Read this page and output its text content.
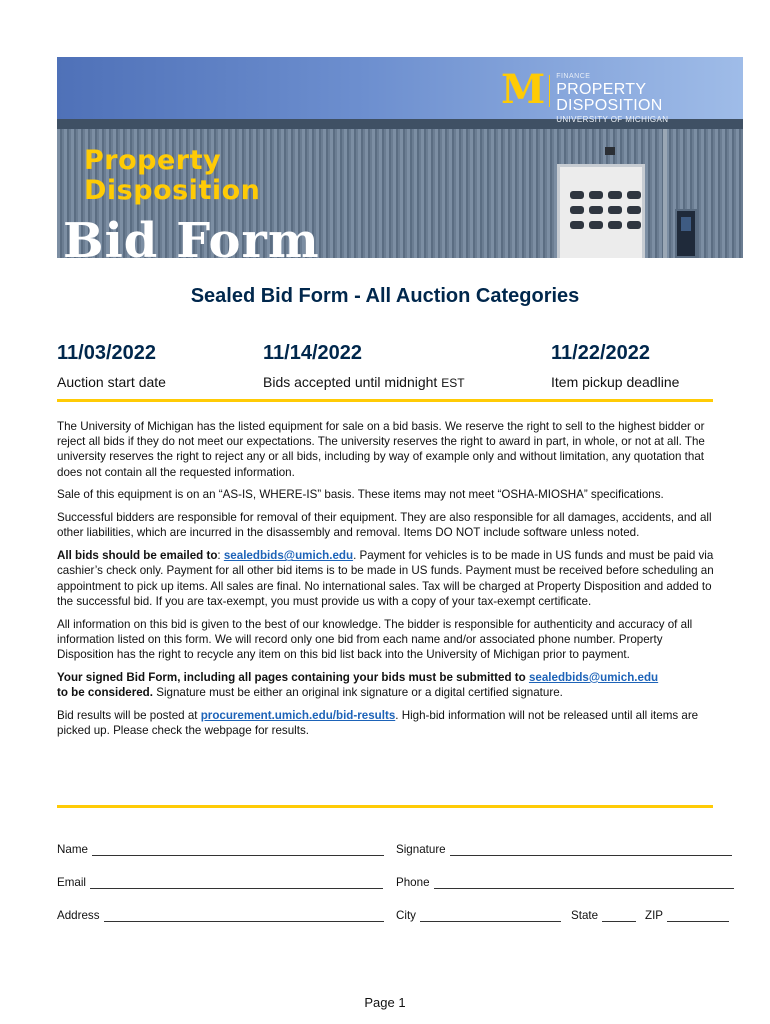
M FINANCE
PROPERTY DISPOSITION
UNIVERSITY OF MICHIGAN
Property
Disposition
Bid Form
Sealed Bid Form - All Auction Categories
11/03/2022
Auction start date
11/14/2022
Bids accepted until midnight EST
11/22/2022
Item pickup deadline

The University of Michigan has the listed equipment for sale on a bid basis. We reserve the right to sell to the highest bidder or reject all bids if they do not meet our expectations. The university reserves the right to award in part, in whole, or not at all. The university reserves the right to reject any or all bids, including by way of example only and without limitation, any quotation that does not contain all the requested information.

Sale of this equipment is on an “AS-IS, WHERE-IS” basis. These items may not meet “OSHA-MIOSHA” specifications.

Successful bidders are responsible for removal of their equipment. They are also responsible for all damages, accidents, and all other liabilities, which are incurred in the disassembly and removal. Items DO NOT include software unless noted.

All bids should be emailed to: sealedbids@umich.edu. Payment for vehicles is to be made in US funds and must be paid via cashier’s check only. Payment for all other bid items is to be made in US funds. Payment must be received before scheduling an appointment to pick up items. All sales are final. No international sales. Tax will be charged at Property Disposition and added to the successful bid. If you are tax-exempt, you must provide us with a copy of your tax-exempt certificate.

All information on this bid is given to the best of our knowledge. The bidder is responsible for authenticity and accuracy of all information listed on this form. We will record only one bid from each name and/or associated phone number. Property Disposition has the right to recycle any item on this bid list back into the University of Michigan prior to payment.

Your signed Bid Form, including all pages containing your bids must be submitted to sealedbids@umich.edu
to be considered. Signature must be either an original ink signature or a digital certified signature.

Bid results will be posted at procurement.umich.edu/bid-results. High-bid information will not be released until all items are picked up. Please check the webpage for results.

Name	Signature
Email	Phone
Address	City	State	ZIP
Page 1
